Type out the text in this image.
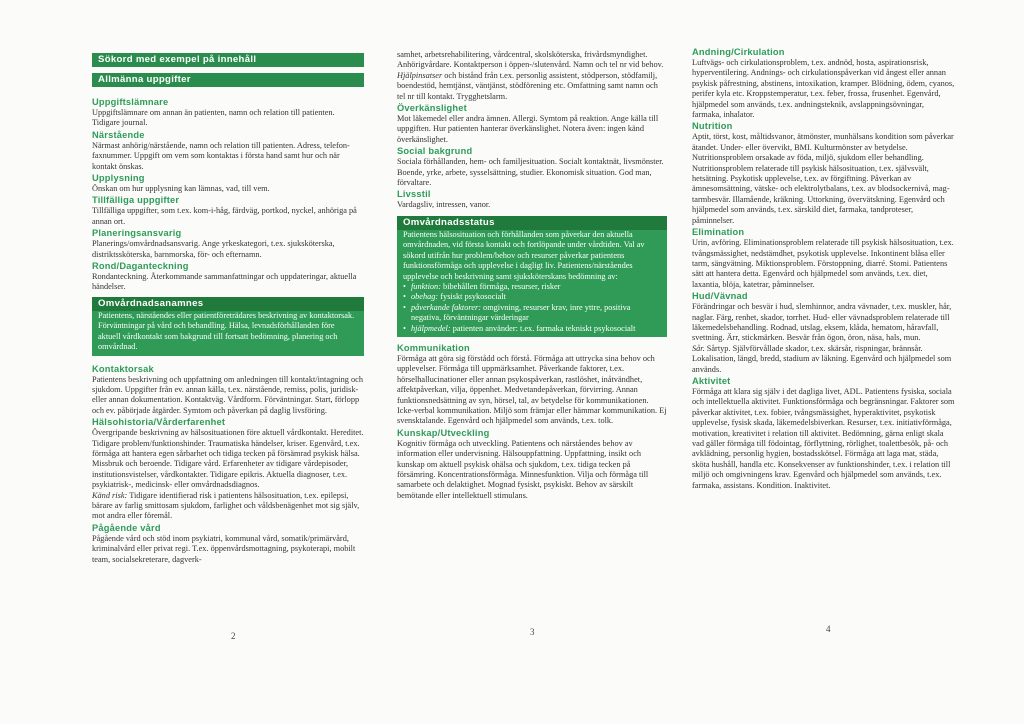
Sökord med exempel på innehåll
Allmänna uppgifter
Uppgiftslämnare

Uppgiftslämnare om annan än patienten, namn och relation till patienten. Tidigare journal.

Närstående

Närmast anhörig/närstående, namn och relation till patienten. Adress, telefon- faxnummer. Uppgift om vem som kontaktas i första hand samt hur och när kontakt önskas.

Upplysning

Önskan om hur upplysning kan lämnas, vad, till vem.

Tillfälliga uppgifter

Tillfälliga uppgifter, som t.ex. kom-i-håg, färdväg, portkod, nyckel, anhöriga på annan ort.

Planeringsansvarig

Planerings/omvårdnadsansvarig. Ange yrkeskategori, t.ex. sjuksköterska, distriktssköterska, barnmorska, för- och efternamn.

Rond/Daganteckning

Rondanteckning. Återkommande sammanfattningar och uppdateringar, aktuella händelser.

Omvårdnadsanamnes

Patientens, närståendes eller patientföreträdares beskrivning av kontaktorsak. Förväntningar på vård och behandling. Hälsa, levnadsförhållanden före aktuell vårdkontakt som bakgrund till fortsatt bedömning, planering och omvårdnad.

Kontaktorsak

Patientens beskrivning och uppfattning om anledningen till kontakt/intagning och sjukdom. Uppgifter från ev. annan källa, t.ex. närstående, remiss, polis, juridisk- eller annan dokumentation. Kontaktväg. Vårdform. Förväntningar. Start, förlopp och ev. påbörjade åtgärder. Symtom och påverkan på daglig livsföring.

Hälsohistoria/Vårderfarenhet

Övergripande beskrivning av hälsosituationen före aktuell vårdkontakt. Hereditet. Tidigare problem/funktionshinder. Traumatiska händelser, kriser. Egenvård, t.ex. förmåga att hantera egen sårbarhet och tidiga tecken på försämrad psykisk hälsa. Missbruk och beroende. Tidigare vård. Erfarenheter av tidigare vårdepisoder, institutionsvistelser, vårdkontakter. Tidigare epikris. Aktuella diagnoser, t.ex. psykiatrisk-, medicinsk- eller omvårdnadsdiagnos.

Känd risk: Tidigare identifierad risk i patientens hälsosituation, t.ex. epilepsi, bärare av farlig smittosam sjukdom, farlighet och våldsbenägenhet mot sig själv, mot andra eller föremål.

Pågående vård

Pågående vård och stöd inom psykiatri, kommunal vård, somatik/primärvård, kriminalvård eller privat regi. T.ex. öppenvårdsmottagning, psykoterapi, mobilt team, socialsekreterare, dagverk-

2

samhet, arbetsrehabilitering, vårdcentral, skolsköterska, frivårdsmyndighet. Anhörigvårdare. Kontaktperson i öppen-/slutenvård. Namn och tel nr vid behov. Hjälpinsatser och bistånd från t.ex. personlig assistent, stödperson, stödfamilj, boendestöd, hemtjänst, väntjänst, stödförening etc. Omfattning samt namn och tel nr till kontakt. Trygghetslarm.

Överkänslighet

Mot läkemedel eller andra ämnen. Allergi. Symtom på reaktion. Ange källa till uppgiften. Hur patienten hanterar överkänslighet. Notera även: ingen känd överkänslighet.

Social bakgrund

Sociala förhållanden, hem- och familjesituation. Socialt kontaktnät, livsmönster. Boende, yrke, arbete, sysselsättning, studier. Ekonomisk situation. God man, förvaltare.

Livsstil

Vardagsliv, intressen, vanor.

Omvårdnadsstatus

Patientens hälsosituation och förhållanden som påverkar den aktuella omvårdnaden, vid första kontakt och fortlöpande under vårdtiden. Val av sökord utifrån hur problem/behov och resurser påverkar patientens funktionsförmåga och upplevelse i dagligt liv. Patientens/närståendes upplevelse och beskrivning samt sjuksköterskans bedömning av:

• funktion: bibehållen förmåga, resurser, risker
• obehag: fysiskt psykosocialt
• påverkande faktorer: omgivning, resurser krav, inre yttre, positiva negativa, förväntningar värderingar
• hjälpmedel: patienten använder: t.ex. farmaka tekniskt psykosocialt
Kommunikation

Förmåga att göra sig förstådd och förstå. Förmåga att uttrycka sina behov och upplevelser. Förmåga till uppmärksamhet. Påverkande faktorer, t.ex. hörselhallucinationer eller annan psykospåverkan, rastlöshet, inåtvändhet, affektpåverkan, vilja, öppenhet. Medvetandepåverkan, förvirring. Annan funktionsnedsättning av syn, hörsel, tal, av betydelse för kommunikationen. Icke-verbal kommunikation. Miljö som främjar eller hämmar kommunikation. Ej svensktalande. Egenvård och hjälpmedel som används, t.ex. tolk.

Kunskap/Utveckling

Kognitiv förmåga och utveckling. Patientens och närståendes behov av information eller undervisning. Hälsouppfattning. Uppfattning, insikt och kunskap om aktuell psykisk ohälsa och sjukdom, t.ex. tidiga tecken på försämring. Koncentrationsförmåga. Minnesfunktion. Vilja och förmåga till samarbete och delaktighet. Mognad fysiskt, psykiskt. Behov av särskilt bemötande eller intellektuell stimulans.

3
Andning/Cirkulation

Luftvägs- och cirkulationsproblem, t.ex. andnöd, hosta, aspirationsrisk, hyperventilering. Andnings- och cirkulationspåverkan vid ångest eller annan psykisk påfrestning, abstinens, intoxikation, kramper. Blödning, ödem, cyanos, perifer kyla etc. Kroppstemperatur, t.ex. feber, frossa, frusenhet. Egenvård, hjälpmedel som används, t.ex. andningsteknik, avslappningsövningar, farmaka, inhalator.

Nutrition

Aptit, törst, kost, måltidsvanor, ätmönster, munhälsans kondition som påverkar ätandet. Under- eller övervikt, BMI. Kulturmönster av betydelse. Nutritionsproblem orsakade av föda, miljö, sjukdom eller behandling. Nutritionsproblem relaterade till psykisk hälsosituation, t.ex. självsvält, hetsätning. Psykotisk upplevelse, t.ex. av förgiftning. Påverkan av ämnesomsättning, vätske- och elektrolytbalans, t.ex. av blodsockernivå, mag- tarmbesvär. Illamående, kräkning. Uttorkning, övervätskning. Egenvård och hjälpmedel som används, t.ex. särskild diet, farmaka, tandproteser, påminnelser.

Elimination

Urin, avföring. Eliminationsproblem relaterade till psykisk hälsosituation, t.ex. tvångsmässighet, nedstämdhet, psykotisk upplevelse. Inkontinent blåsa eller tarm, sängvätning. Miktionsproblem. Förstoppning, diarré. Stomi. Patientens sätt att hantera detta. Egenvård och hjälpmedel som används, t.ex. diet, laxantia, blöja, katetrar, påminnelser.

Hud/Vävnad

Förändringar och besvär i hud, slemhinnor, andra vävnader, t.ex. muskler, hår, naglar. Färg, renhet, skador, torrhet. Hud- eller vävnadsproblem relaterade till läkemedelsbehandling. Rodnad, utslag, eksem, klåda, hematom, håravfall, svettning. Ärr, stickmärken. Besvär från ögon, öron, näsa, hals, mun.

Sår. Sårtyp. Självförvållade skador, t.ex. skärsår, rispningar, brännsår. Lokalisation, längd, bredd, stadium av läkning. Egenvård och hjälpmedel som används.

Aktivitet

Förmåga att klara sig själv i det dagliga livet, ADL. Patientens fysiska, sociala och intellektuella aktivitet. Funktionsförmåga och begränsningar. Faktorer som påverkar aktivitet, t.ex. fobier, tvångsmässighet, hyperaktivitet, psykotisk upplevelse, fysisk skada, läkemedelsbiverkan. Resurser, t.ex. initiativförmåga, motivation, kreativitet i relation till aktivitet. Bedömning, gärna enligt skala vad gäller förmåga till födointag, förflyttning, rörlighet, toalettbesök, på- och avklädning, personlig hygien, bostadsskötsel. Förmåga att laga mat, städa, sköta hushåll, handla etc. Konsekvenser av funktionshinder, t.ex. i relation till miljö och omgivningens krav. Egenvård och hjälpmedel som används, t.ex. farmaka, assistans. Kondition. Inaktivitet.

4
